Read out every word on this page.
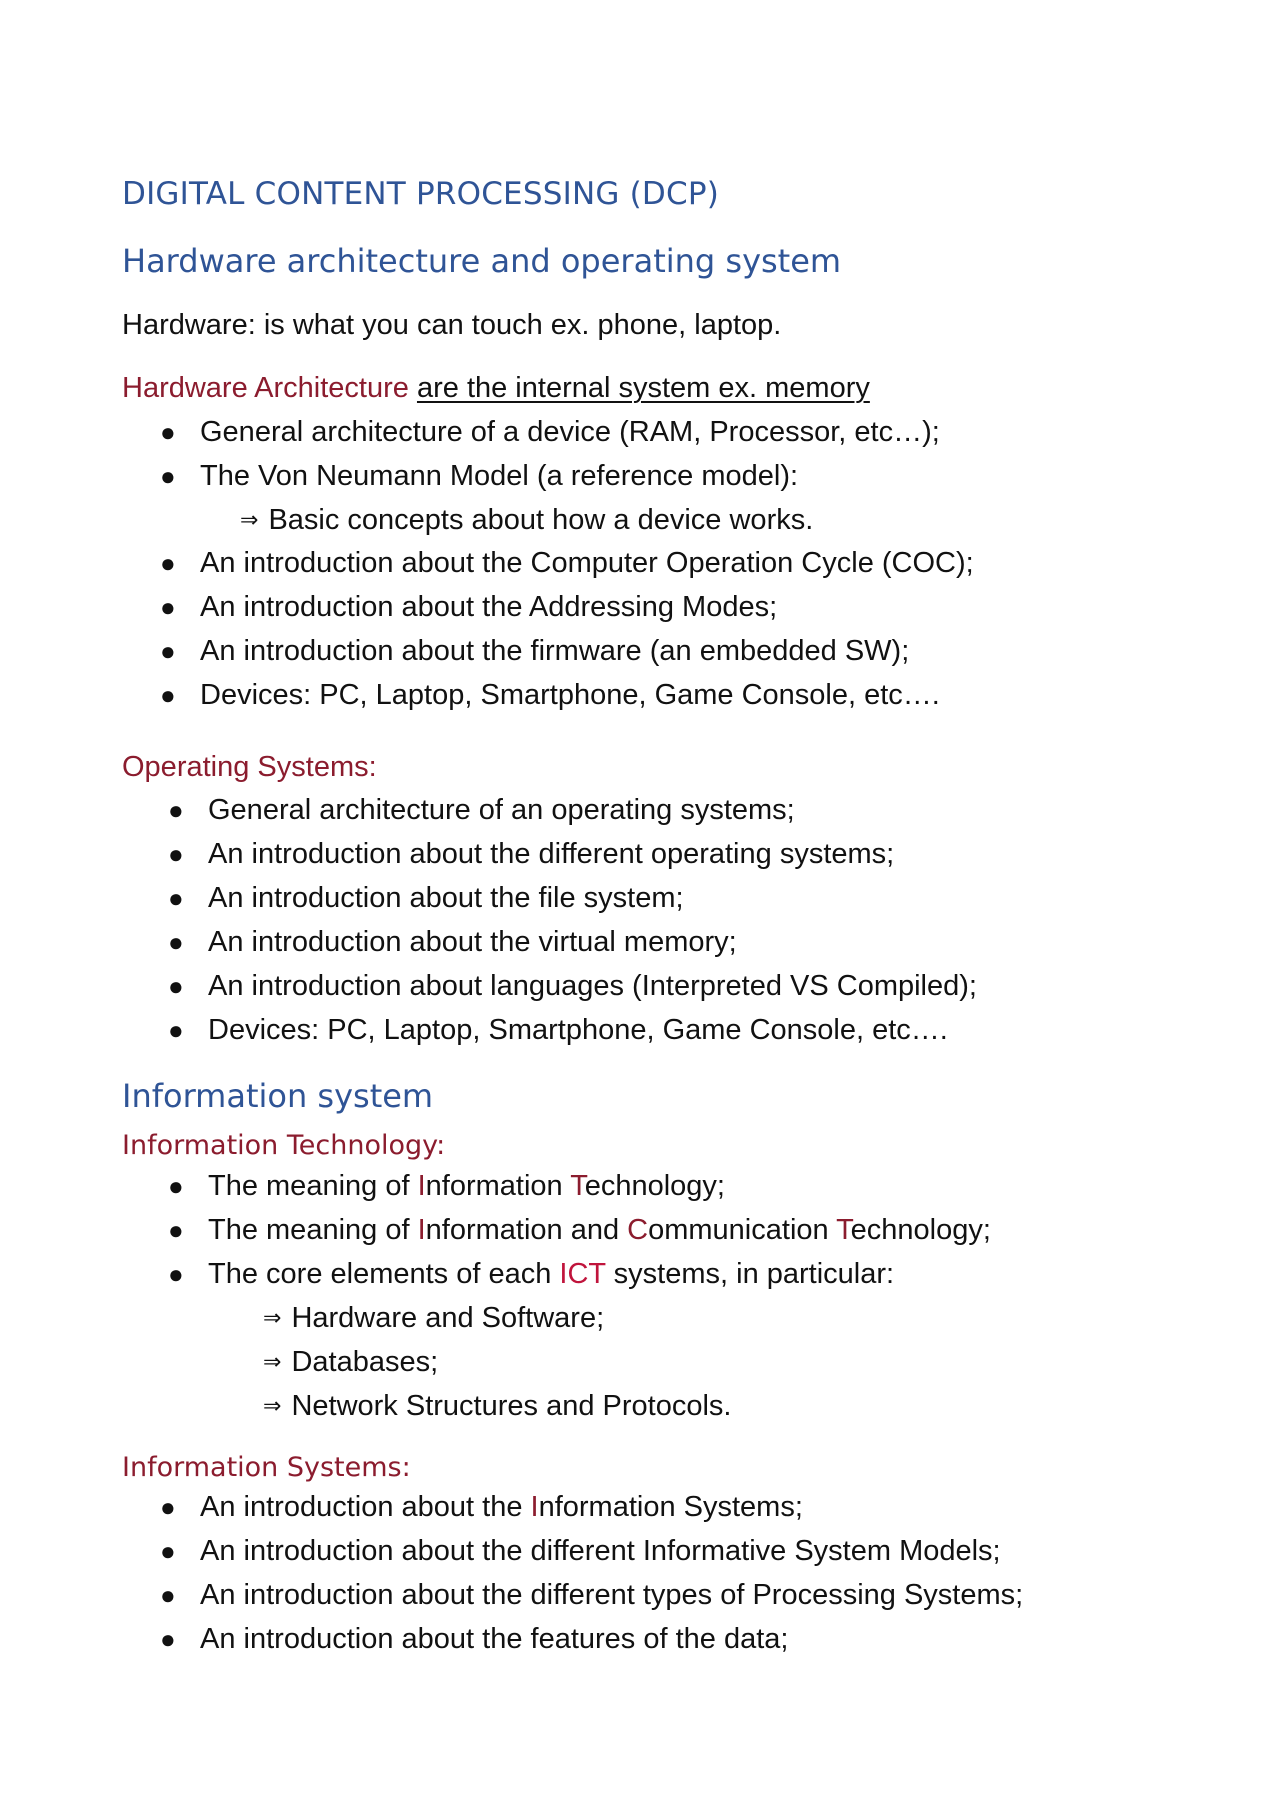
DIGITAL CONTENT PROCESSING (DCP)
Hardware architecture and operating system
Hardware: is what you can touch ex. phone, laptop.
Hardware Architecture are the internal system ex. memory
● General architecture of a device (RAM, Processor, etc…);
● The Von Neumann Model (a reference model):
⇒ Basic concepts about how a device works.
● An introduction about the Computer Operation Cycle (COC);
● An introduction about the Addressing Modes;
● An introduction about the firmware (an embedded SW);
● Devices: PC, Laptop, Smartphone, Game Console, etc….
Operating Systems:
● General architecture of an operating systems;
● An introduction about the different operating systems;
● An introduction about the file system;
● An introduction about the virtual memory;
● An introduction about languages (Interpreted VS Compiled);
● Devices: PC, Laptop, Smartphone, Game Console, etc….
Information system
Information Technology:
● The meaning of Information Technology;
● The meaning of Information and Communication Technology;
● The core elements of each ICT systems, in particular:
⇒ Hardware and Software;
⇒ Databases;
⇒ Network Structures and Protocols.
Information Systems:
● An introduction about the Information Systems;
● An introduction about the different Informative System Models;
● An introduction about the different types of Processing Systems;
● An introduction about the features of the data;
